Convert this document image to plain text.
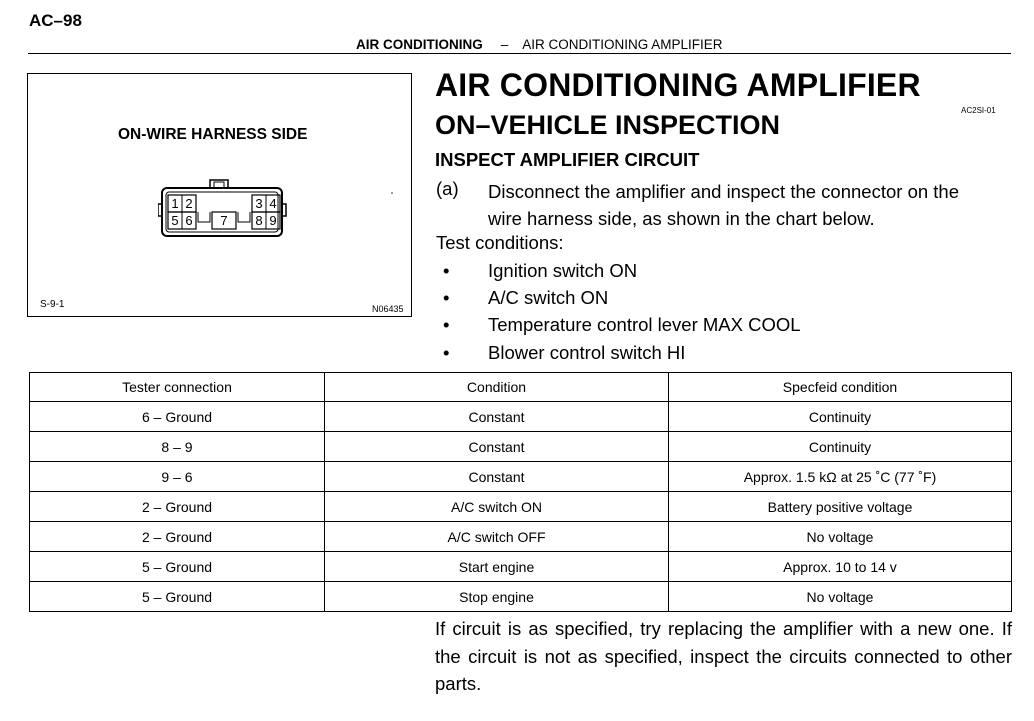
AC–98
AIR CONDITIONING – AIR CONDITIONING AMPLIFIER
ON-WIRE HARNESS SIDE
1 2	3 4
5 6 7 8 9
S-9-1	N06435
AIR CONDITIONING AMPLIFIER
AC2SI-01
ON–VEHICLE INSPECTION
INSPECT AMPLIFIER CIRCUIT
(a) Disconnect the amplifier and inspect the connector on the
wire harness side, as shown in the chart below.
Test conditions:
• Ignition switch ON
• A/C switch ON
• Temperature control lever MAX COOL
• Blower control switch HI
Tester connection	Condition	Specfeid condition
6 – Ground	Constant	Continuity
8 – 9	Constant	Continuity
9 – 6	Constant	Approx. 1.5 kΩ at 25 ˚C (77 ˚F)
2 – Ground	A/C switch ON	Battery positive voltage
2 – Ground	A/C switch OFF	No voltage
5 – Ground	Start engine	Approx. 10 to 14 v
5 – Ground	Stop engine	No voltage
If circuit is as specified, try replacing the amplifier with a new one. If the circuit is not as specified, inspect the circuits connected to other parts.
